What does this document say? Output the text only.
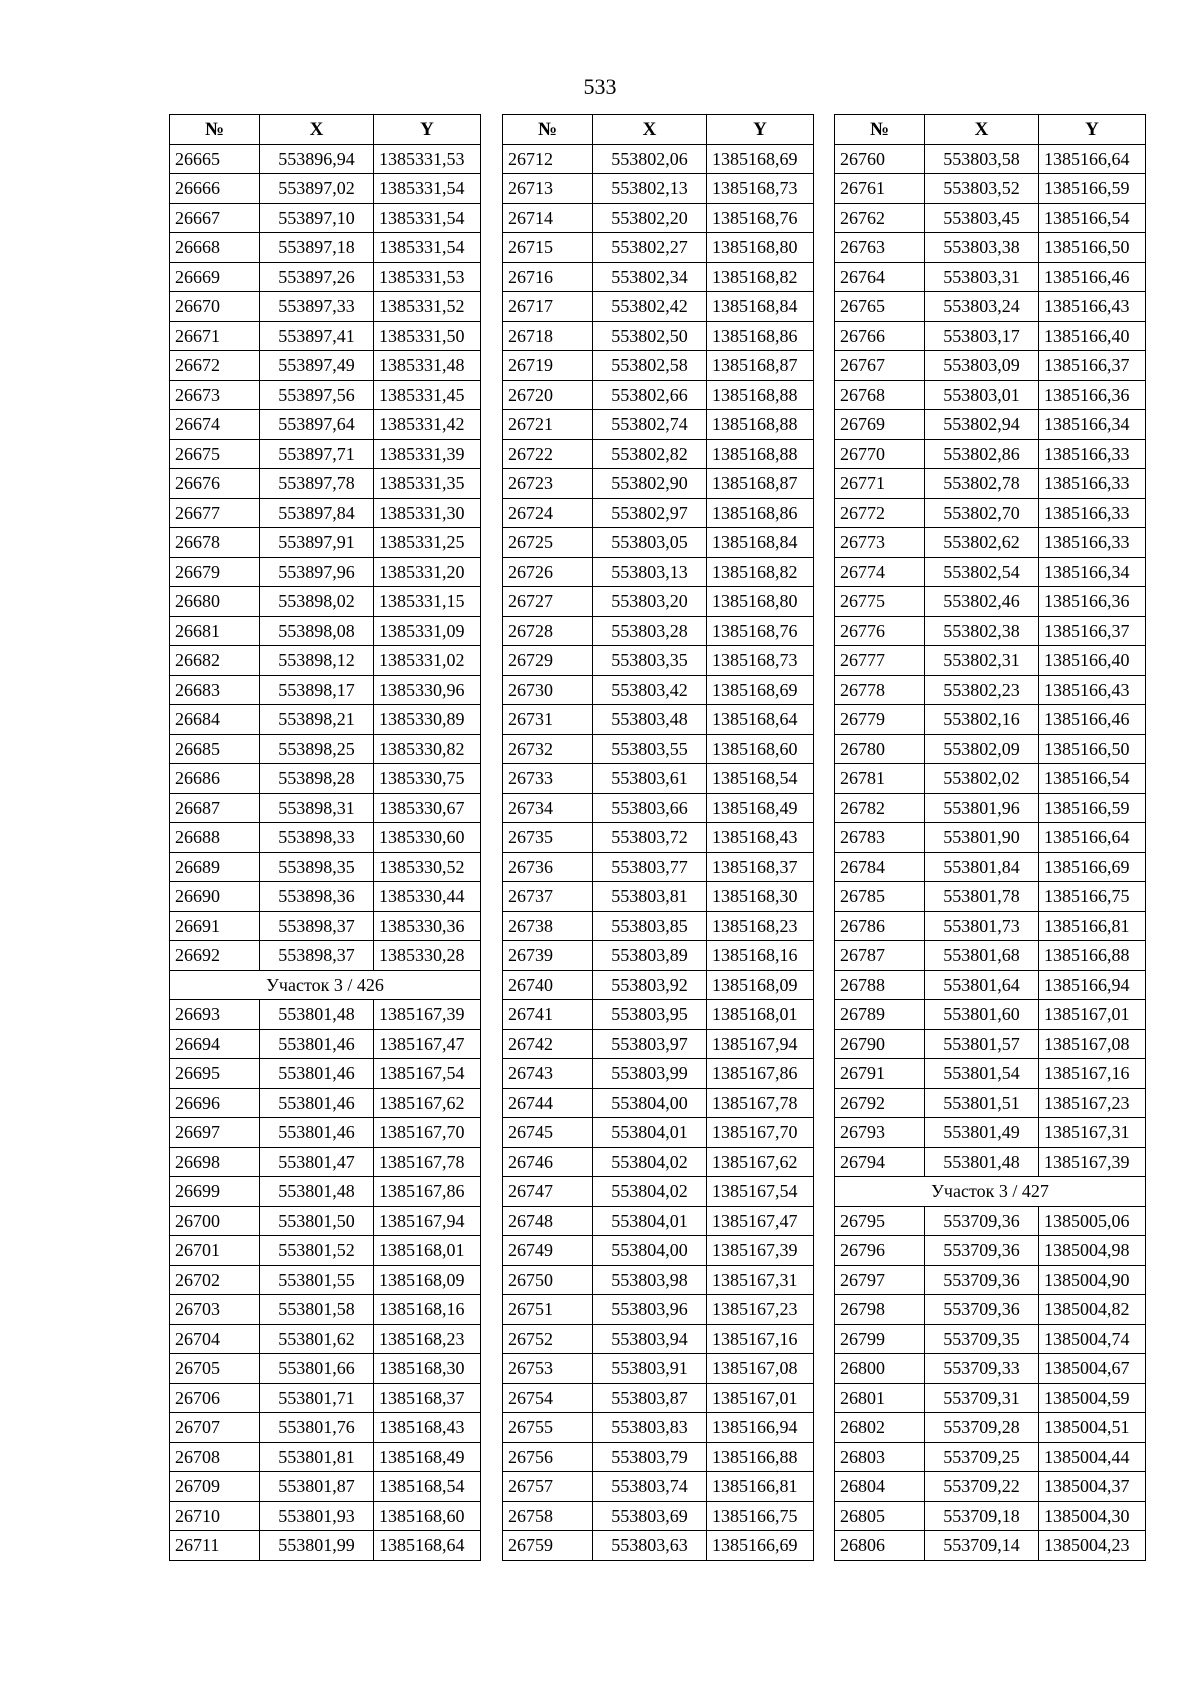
533
№	X	Y
26665	553896,94	1385331,53
26666	553897,02	1385331,54
26667	553897,10	1385331,54
26668	553897,18	1385331,54
26669	553897,26	1385331,53
26670	553897,33	1385331,52
26671	553897,41	1385331,50
26672	553897,49	1385331,48
26673	553897,56	1385331,45
26674	553897,64	1385331,42
26675	553897,71	1385331,39
26676	553897,78	1385331,35
26677	553897,84	1385331,30
26678	553897,91	1385331,25
26679	553897,96	1385331,20
26680	553898,02	1385331,15
26681	553898,08	1385331,09
26682	553898,12	1385331,02
26683	553898,17	1385330,96
26684	553898,21	1385330,89
26685	553898,25	1385330,82
26686	553898,28	1385330,75
26687	553898,31	1385330,67
26688	553898,33	1385330,60
26689	553898,35	1385330,52
26690	553898,36	1385330,44
26691	553898,37	1385330,36
26692	553898,37	1385330,28
Участок 3 / 426		
26693	553801,48	1385167,39
26694	553801,46	1385167,47
26695	553801,46	1385167,54
26696	553801,46	1385167,62
26697	553801,46	1385167,70
26698	553801,47	1385167,78
26699	553801,48	1385167,86
26700	553801,50	1385167,94
26701	553801,52	1385168,01
26702	553801,55	1385168,09
26703	553801,58	1385168,16
26704	553801,62	1385168,23
26705	553801,66	1385168,30
26706	553801,71	1385168,37
26707	553801,76	1385168,43
26708	553801,81	1385168,49
26709	553801,87	1385168,54
26710	553801,93	1385168,60
26711	553801,99	1385168,64
№	X	Y
26712	553802,06	1385168,69
26713	553802,13	1385168,73
26714	553802,20	1385168,76
26715	553802,27	1385168,80
26716	553802,34	1385168,82
26717	553802,42	1385168,84
26718	553802,50	1385168,86
26719	553802,58	1385168,87
26720	553802,66	1385168,88
26721	553802,74	1385168,88
26722	553802,82	1385168,88
26723	553802,90	1385168,87
26724	553802,97	1385168,86
26725	553803,05	1385168,84
26726	553803,13	1385168,82
26727	553803,20	1385168,80
26728	553803,28	1385168,76
26729	553803,35	1385168,73
26730	553803,42	1385168,69
26731	553803,48	1385168,64
26732	553803,55	1385168,60
26733	553803,61	1385168,54
26734	553803,66	1385168,49
26735	553803,72	1385168,43
26736	553803,77	1385168,37
26737	553803,81	1385168,30
26738	553803,85	1385168,23
26739	553803,89	1385168,16
26740	553803,92	1385168,09
26741	553803,95	1385168,01
26742	553803,97	1385167,94
26743	553803,99	1385167,86
26744	553804,00	1385167,78
26745	553804,01	1385167,70
26746	553804,02	1385167,62
26747	553804,02	1385167,54
26748	553804,01	1385167,47
26749	553804,00	1385167,39
26750	553803,98	1385167,31
26751	553803,96	1385167,23
26752	553803,94	1385167,16
26753	553803,91	1385167,08
26754	553803,87	1385167,01
26755	553803,83	1385166,94
26756	553803,79	1385166,88
26757	553803,74	1385166,81
26758	553803,69	1385166,75
26759	553803,63	1385166,69
№	X	Y
26760	553803,58	1385166,64
26761	553803,52	1385166,59
26762	553803,45	1385166,54
26763	553803,38	1385166,50
26764	553803,31	1385166,46
26765	553803,24	1385166,43
26766	553803,17	1385166,40
26767	553803,09	1385166,37
26768	553803,01	1385166,36
26769	553802,94	1385166,34
26770	553802,86	1385166,33
26771	553802,78	1385166,33
26772	553802,70	1385166,33
26773	553802,62	1385166,33
26774	553802,54	1385166,34
26775	553802,46	1385166,36
26776	553802,38	1385166,37
26777	553802,31	1385166,40
26778	553802,23	1385166,43
26779	553802,16	1385166,46
26780	553802,09	1385166,50
26781	553802,02	1385166,54
26782	553801,96	1385166,59
26783	553801,90	1385166,64
26784	553801,84	1385166,69
26785	553801,78	1385166,75
26786	553801,73	1385166,81
26787	553801,68	1385166,88
26788	553801,64	1385166,94
26789	553801,60	1385167,01
26790	553801,57	1385167,08
26791	553801,54	1385167,16
26792	553801,51	1385167,23
26793	553801,49	1385167,31
26794	553801,48	1385167,39
Участок 3 / 427		
26795	553709,36	1385005,06
26796	553709,36	1385004,98
26797	553709,36	1385004,90
26798	553709,36	1385004,82
26799	553709,35	1385004,74
26800	553709,33	1385004,67
26801	553709,31	1385004,59
26802	553709,28	1385004,51
26803	553709,25	1385004,44
26804	553709,22	1385004,37
26805	553709,18	1385004,30
26806	553709,14	1385004,23
